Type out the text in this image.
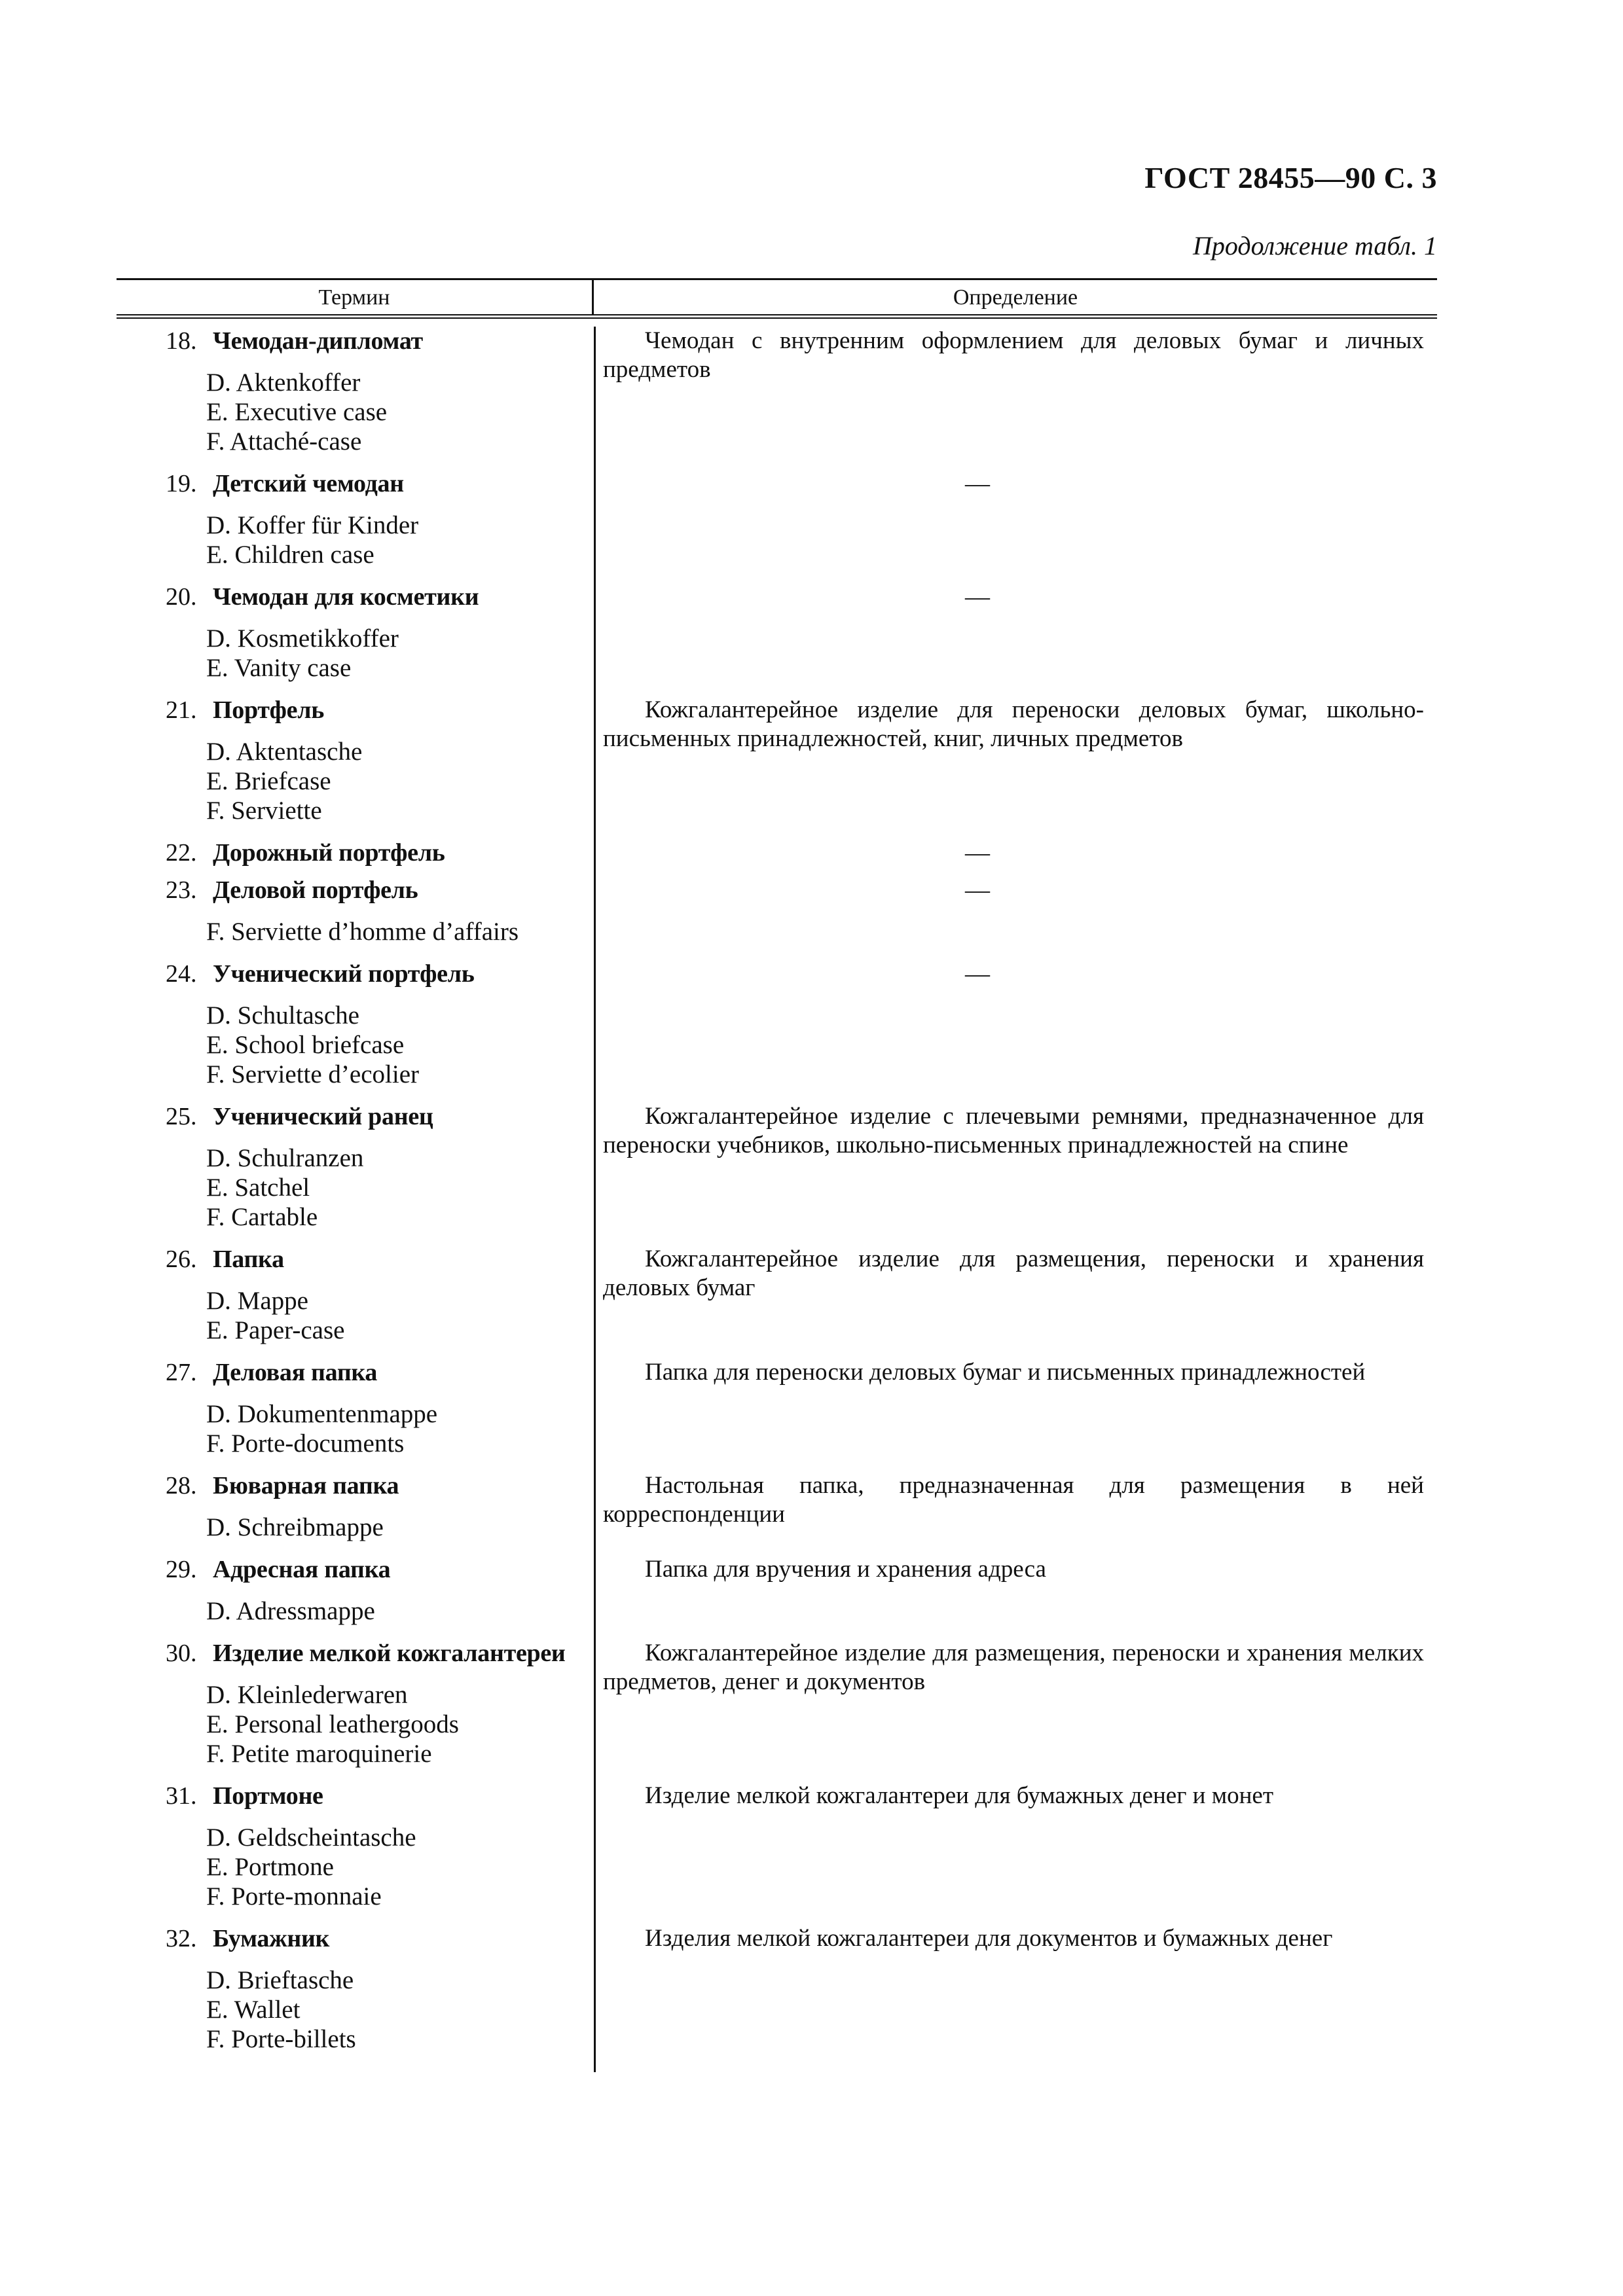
ГОСТ 28455—90 С. 3
Продолжение табл. 1
Термин	Определение
18. Чемодан-дипломат
D. Aktenkoffer
E. Executive case
F. Attaché-case
Чемодан с внутренним оформлением для деловых бумаг и личных предметов
19. Детский чемодан
D. Koffer für Kinder
E. Children case
—
20. Чемодан для косметики
D. Kosmetikkoffer
E. Vanity case
—
21. Портфель
D. Aktentasche
E. Briefcase
F. Serviette
Кожгалантерейное изделие для переноски деловых бумаг, школьно-письменных принадлежностей, книг, личных предметов
22. Дорожный портфель	—
23. Деловой портфель
F. Serviette d’homme d’affairs
—
24. Ученический портфель
D. Schultasche
E. School briefcase
F. Serviette d’ecolier
—
25. Ученический ранец
D. Schulranzen
E. Satchel
F. Cartable
Кожгалантерейное изделие с плечевыми ремнями, предназначенное для переноски учебников, школьно-письменных принадлежностей на спине
26. Папка
D. Mappe
E. Paper-case
Кожгалантерейное изделие для размещения, переноски и хранения деловых бумаг
27. Деловая папка
D. Dokumentenmappe
F. Porte-documents
Папка для переноски деловых бумаг и письменных принадлежностей
28. Бюварная папка
D. Schreibmappe
Настольная папка, предназначенная для размещения в ней корреспонденции
29. Адресная папка
D. Adressmappe
Папка для вручения и хранения адреса
30. Изделие мелкой кожгалантереи
D. Kleinlederwaren
E. Personal leathergoods
F. Petite maroquinerie
Кожгалантерейное изделие для размещения, переноски и хранения мелких предметов, денег и документов
31. Портмоне
D. Geldscheintasche
E. Portmone
F. Porte-monnaie
Изделие мелкой кожгалантереи для бумажных денег и монет
32. Бумажник
D. Brieftasche
E. Wallet
F. Porte-billets
Изделия мелкой кожгалантереи для документов и бумажных денег
